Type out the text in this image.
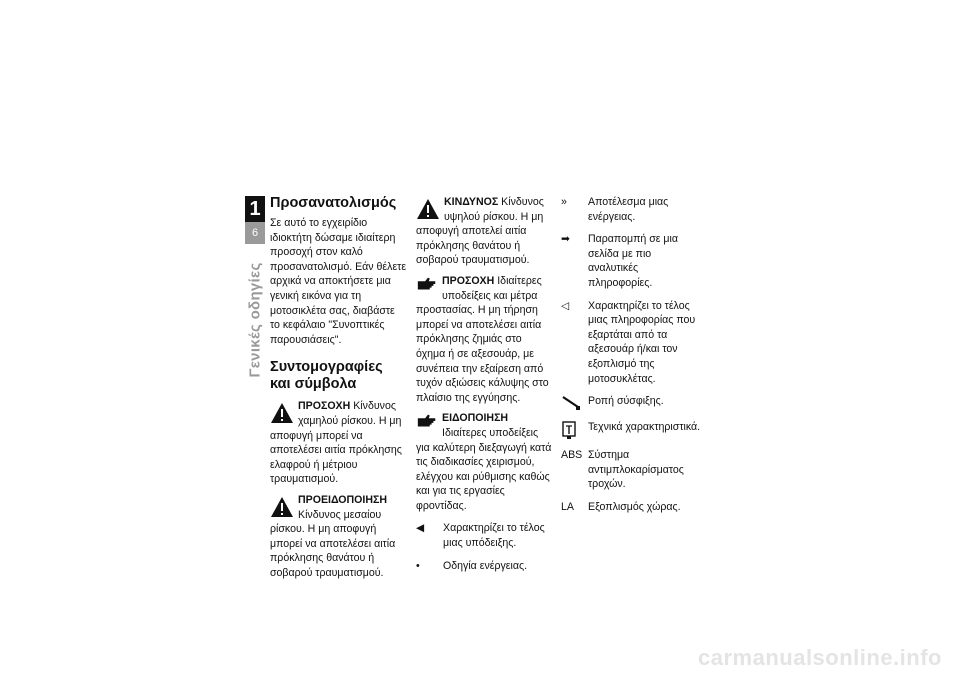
1
6
Γενικές οδηγίες
Προσανατολισμός

Σε αυτό το εγχειρίδιο ιδιοκτήτη δώσαμε ιδιαίτερη προσοχή στον καλό προσανατολισμό. Εάν θέλετε αρχικά να αποκτήσετε μια γενική εικόνα για τη μοτοσικλέτα σας, διαβάστε το κεφάλαιο "Συνοπτικές παρουσιάσεις".

Συντομογραφίες και σύμβολα
ΠΡΟΣΟΧΗ Κίνδυνος χαμηλού ρίσκου. Η μη αποφυγή μπορεί να αποτελέσει αιτία πρόκλησης ελαφρού ή μέτριου τραυματισμού.
ΠΡΟΕΙΔΟΠΟΙΗΣΗ Κίνδυνος μεσαίου ρίσκου. Η μη αποφυγή μπορεί να αποτελέσει αιτία πρόκλησης θανάτου ή σοβαρού τραυματισμού.
ΚΙΝΔΥΝΟΣ Κίνδυνος υψηλού ρίσκου. Η μη αποφυγή αποτελεί αιτία πρόκλησης θανάτου ή σοβαρού τραυματισμού.
ΠΡΟΣΟΧΗ Ιδιαίτερες υποδείξεις και μέτρα προστασίας. Η μη τήρηση μπορεί να αποτελέσει αιτία πρόκλησης ζημιάς στο όχημα ή σε αξεσουάρ, με συνέπεια την εξαίρεση από τυχόν αξιώσεις κάλυψης στο πλαίσιο της εγγύησης.
ΕΙΔΟΠΟΙΗΣΗ Ιδιαίτερες υποδείξεις για καλύτερη διεξαγωγή κατά τις διαδικασίες χειρισμού, ελέγχου και ρύθμισης καθώς και για τις εργασίες φροντίδας.
◀	Χαρακτηρίζει το τέλος μιας υπόδειξης.
•	Οδηγία ενέργειας.
»	Αποτέλεσμα μιας ενέργειας.
➡	Παραπομπή σε μια σελίδα με πιο αναλυτικές πληροφορίες.
◁	Χαρακτηρίζει το τέλος μιας πληροφορίας που εξαρτάται από τα αξεσουάρ ή/και τον εξοπλισμό της μοτοσυκλέτας.
Ροπή σύσφιξης.
Τεχνικά χαρακτηριστικά.
ABS Σύστημα αντιμπλοκαρίσματος τροχών.
LA	Εξοπλισμός χώρας.
carmanualsonline.info
